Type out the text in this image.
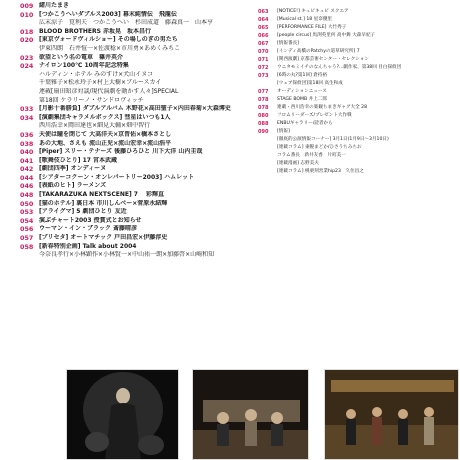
009 緒川たまき
010 [つかこうへいダブルス2003] 幕末純情伝　飛龍伝
広末涼子　筧利夫　つかこうへい　杉田成道　藤森真一　山本亨
018 BLOOD BROTHERS 赤坂晃　坂本昌行
020 [東京ヴォードヴィルショー] その場しのぎの男たち
伊東四朗　石井愃一×佐渡稔×市川勇×あめくみちこ
023 欲望という名の電車　篠井英介
024 ナイロン100℃ 10周年記念特集
ハルディン・ホテル みのすけ×犬山イヌコ
千葉雅子×松永玲子×村上大樹×ブルースカイ
連載[扇田昭彦対談/現代演劇を動かす人々]SPECIAL
第18回 ケラリーノ・サンドロヴィッチ
033 [月影十番勝負] ダブルアルバム 木野花×高田聖子×内田春菊×大森博史
034 [演劇集団キャラメルボックス] 彗星はいつも1人
西川浩幸×岡田達也×細見大輔×畑中智行
036 天使は瞳を閉じて 大高洋夫×京晋佑×橋本さとし
038 あの大地、さえも 流山正児×流山宏幸×流山浩平
040 [Piper] スリー・テナーズ 後藤ひろひと 川下大洋 山内圭哉
041 [歌舞伎ひとり] 17 宮本武蔵
042 [劇団四季] オンディーヌ
044 [シアターコクーン・オンレパートリー2003] ハムレット
046 [表紙のヒト] ラーメンズ
048 [TAKARAZUKA NEXTSCENE] 7 　彩輝直
050 [猫のホテル] 裏日本 市川しんぺー×菅原永結輝
053 [アライグマ] 5 劇団ひとり 友近
054 演ぶチャート2003 授賞式とお知らせ
056 ウーマン・イン・ブラック 斎藤晴彦
057 [プリセタ] オートマチック 戸田昌宏×伊藤淳史
058 [新春特別企画] Talk about 2004
今奈良孝行×小林顕作×小林賢一×中山祐一朗×加藤啓×山崎和知
063	[NOTICE!] キュピキュピ スクエア
064	[Musical st.] 18 星奈優里
065	[PERFORMANCE FILE] 大竹秀子
066	[people circus] 馬渕英里何 高中舞 大森早紀子
067	[情報番長]
070	[インディ高橋のPatchyの道草研究所] 7
071	[関西演劇] 京都芸術センター・セレクション
072	ウニタモミイチのなんちゃう?...劇作家、第38回 目白探偵団
073	[6時の丸?第1回] 倉持裕
[ウェブ探偵団]第18回 高生和成
077	オーディションニュース
078	STAGE BOMB 井上二郎
078	連載・西川浩幸の楽観ちまきギャグ大全 28
080	フロムリーダーズ/プレゼント大作戦
088	ENBUギャラリー/読者から
090	[情報]
[徹底的公演情報コーナー] 3月1日(1月9日〜3月10日)
[連載コラム] 東幌まどか/ひさうちみちお
コラム番長　新井友香　片町美一
[連載漫画] 志野美夫
[連載コラム] 桃栗刻営業hip23　久住昌之
